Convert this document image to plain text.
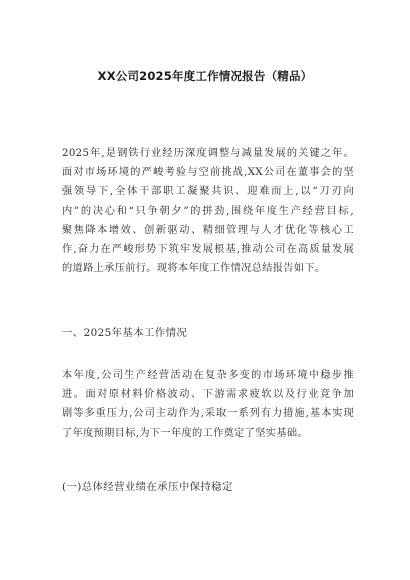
XX公司2025年度工作情况报告（精品）

2025年,是钢铁行业经历深度调整与减量发展的关键之年。
面对市场环境的严峻考验与空前挑战,XX公司在董事会的坚
强领导下,全体干部职工凝聚共识、迎难而上,以“刀刃向
内”的决心和“只争朝夕”的拼劲,围绕年度生产经营目标,
聚焦降本增效、创新驱动、精细管理与人才优化等核心工
作,奋力在严峻形势下筑牢发展根基,推动公司在高质量发展
的道路上承压前行。现将本年度工作情况总结报告如下。

一、2025年基本工作情况

本年度,公司生产经营活动在复杂多变的市场环境中稳步推
进。面对原材料价格波动、下游需求疲软以及行业竞争加
剧等多重压力,公司主动作为,采取一系列有力措施,基本实现
了年度预期目标,为下一年度的工作奠定了坚实基础。

(一)总体经营业绩在承压中保持稳定
